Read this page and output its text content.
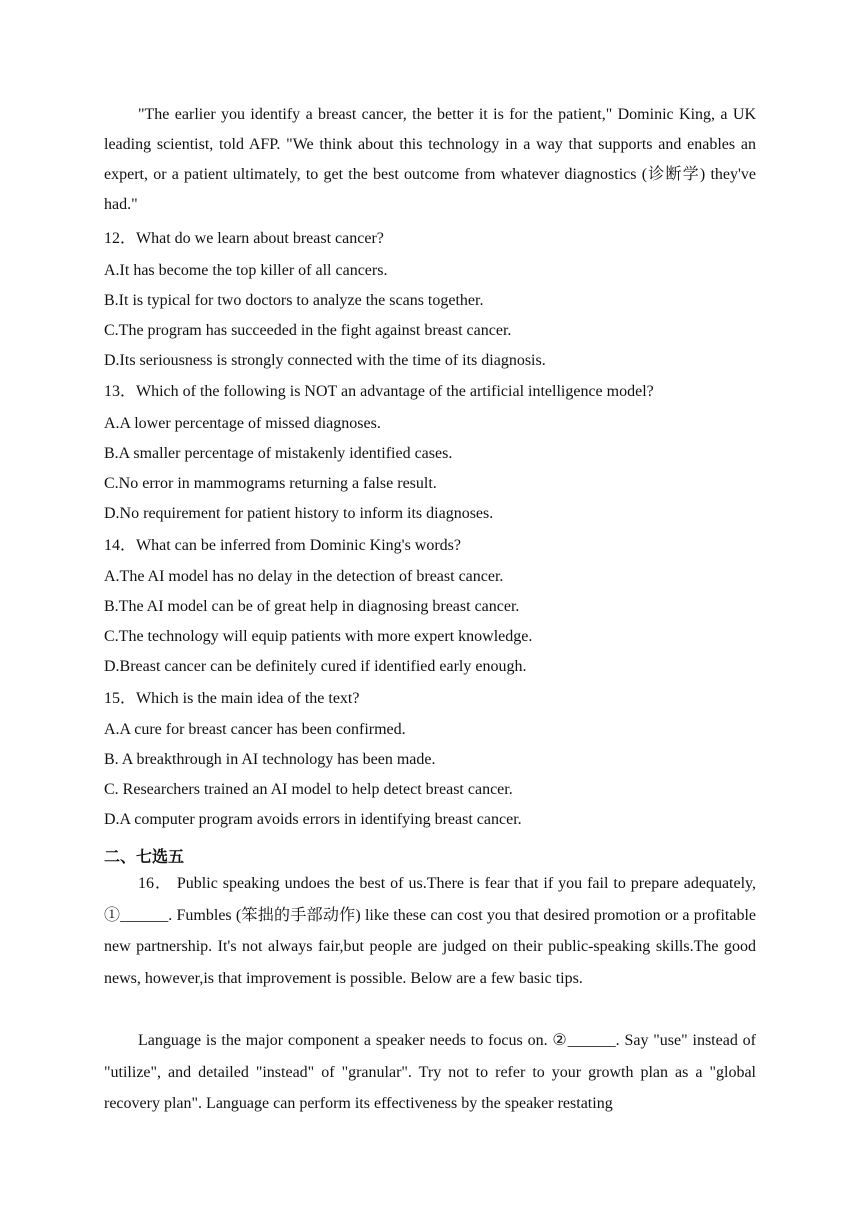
"The earlier you identify a breast cancer, the better it is for the patient," Dominic King, a UK leading scientist, told AFP. "We think about this technology in a way that supports and enables an expert, or a patient ultimately, to get the best outcome from whatever diagnostics (诊断学) they've had."

12．What do we learn about breast cancer?
A.It has become the top killer of all cancers.
B.It is typical for two doctors to analyze the scans together.
C.The program has succeeded in the fight against breast cancer.
D.Its seriousness is strongly connected with the time of its diagnosis.
13．Which of the following is NOT an advantage of the artificial intelligence model?
A.A lower percentage of missed diagnoses.
B.A smaller percentage of mistakenly identified cases.
C.No error in mammograms returning a false result.
D.No requirement for patient history to inform its diagnoses.
14．What can be inferred from Dominic King's words?
A.The AI model has no delay in the detection of breast cancer.
B.The AI model can be of great help in diagnosing breast cancer.
C.The technology will equip patients with more expert knowledge.
D.Breast cancer can be definitely cured if identified early enough.
15．Which is the main idea of the text?
A.A cure for breast cancer has been confirmed.
B. A breakthrough in AI technology has been made.
C. Researchers trained an AI model to help detect breast cancer.
D.A computer program avoids errors in identifying breast cancer.
二、七选五

16． Public speaking undoes the best of us.There is fear that if you fail to prepare adequately, ①______. Fumbles (笨拙的手部动作) like these can cost you that desired promotion or a profitable new partnership. It's not always fair,but people are judged on their public-speaking skills.The good news, however,is that improvement is possible. Below are a few basic tips.

Language is the major component a speaker needs to focus on. ②______. Say "use" instead of "utilize", and detailed "instead" of "granular". Try not to refer to your growth plan as a "global recovery plan". Language can perform its effectiveness by the speaker restating
